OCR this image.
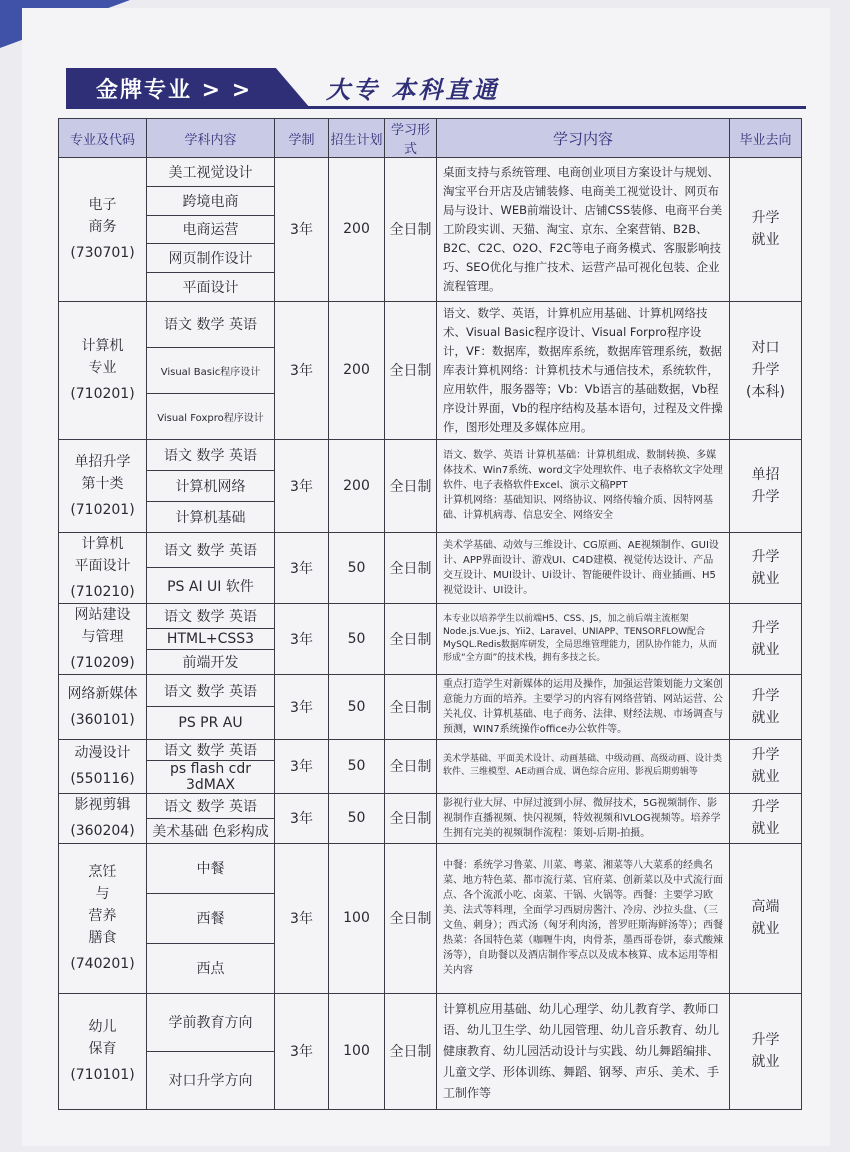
金牌专业 > >	大专 本科直通
专业及代码	学科内容	学制	招生计划	学习形式	学习内容	毕业去向

电子
商务
(730701)	美工视觉设计	3年	200	全日制	桌面支持与系统管理、电商创业项目方案设计与规划、淘宝平台开店及店铺装修、电商美工视觉设计、网页布局与设计、WEB前端设计、店铺CSS装修、电商平台美工阶段实训、天猫、淘宝、京东、全案营销、B2B、B2C、C2C、O2O、F2C等电子商务模式、客服影响技巧、SEO优化与推广技术、运营产品可视化包装、企业流程管理。	升学
就业

	跨境电商					
	电商运营					
	网页制作设计					
	平面设计					

计算机
专业
(710201)	语文 数学 英语	3年	200	全日制	语文、数学、英语，计算机应用基础、计算机网络技术、Visual Basic程序设计、Visual Forpro程序设计，VF：数据库，数据库系统，数据库管理系统，数据库表计算机网络：计算机技术与通信技术，系统软件，应用软件，服务器等；Vb：Vb语言的基础数据，Vb程序设计界面，Vb的程序结构及基本语句，过程及文件操作，图形处理及多媒体应用。	对口
升学
(本科)

	Visual Basic程序设计					
	Visual Foxpro程序设计					

单招升学
第十类
(710201)	语文 数学 英语	3年	200	全日制	语文、数学、英语 计算机基础：计算机组成、数制转换、多媒体技术、Win7系统、word文字处理软件、电子表格软文字处理软件、电子表格软件Excel、演示文稿PPT
计算机网络：基础知识、网络协议、网络传输介质、因特网基础、计算机病毒、信息安全、网络安全	单招
升学

	计算机网络					
	计算机基础					

计算机
平面设计
(710210)	语文 数学 英语	3年	50	全日制	美术学基础、动效与三维设计、CG原画、AE视频制作、GUI设计、APP界面设计、游戏UI、C4D建模、视觉传达设计、产品交互设计、MUI设计、Ui设计、智能硬件设计、商业插画、H5视觉设计、UI设计。	升学
就业

	PS AI UI 软件					

网站建设
与管理
(710209)	语文 数学 英语	3年	50	全日制	本专业以培养学生以前端H5、CSS、JS，加之前后端主流框架Node.js.Vue.js、Yii2、Laravel、UNIAPP、TENSORFLOW配合MySQL.Redis数据库研发，全局思维管理能力，团队协作能力，从而形成“全方面”的技术栈，拥有多技之长。	升学
就业

	HTML+CSS3					
	前端开发					

网络新媒体
(360101)	语文 数学 英语	3年	50	全日制	重点打造学生对新媒体的运用及操作，加强运营策划能力文案创意能力方面的培养。主要学习的内容有网络营销、网站运营、公关礼仪、计算机基础、电子商务、法律、财经法规、市场调查与预测，WIN7系统操作office办公软件等。	升学
就业

	PS PR AU					

动漫设计
(550116)	语文 数学 英语	3年	50	全日制	美术学基础、平面美术设计、动画基础、中级动画、高级动画、设计类软件、三维模型、AE动画合成、调色综合应用、影视后期剪辑等	升学
就业

	ps flash cdr 3dMAX					

影视剪辑
(360204)	语文 数学 英语	3年	50	全日制	影视行业大屏、中屏过渡到小屏、微屏技术，5G视频制作、影视制作直播视频、快闪视频，特效视频和VLOG视频等。培养学生拥有完美的视频制作流程：策划-后期-拍摄。	升学
就业

	美术基础 色彩构成					

烹饪
与
营养
膳食
(740201)	中餐	3年	100	全日制	中餐：系统学习鲁菜、川菜、粤菜、湘菜等八大菜系的经典名菜、地方特色菜、都市流行菜、官府菜、创新菜以及中式流行面点、各个流派小吃、卤菜、干锅、火锅等。西餐：主要学习欧美、法式等料理，全面学习西厨房酱汁、冷房、沙拉头盘、（三文鱼、刺身）；西式汤（匈牙利肉汤，普罗旺斯海鲜汤等）；西餐热菜：各国特色菜（咖喱牛肉，肉骨茶，墨西哥卷饼，泰式酸辣汤等），自助餐以及酒店制作零点以及成本核算、成本运用等相关内容	高端
就业

	西餐					
	西点					

幼儿
保育
(710101)	学前教育方向	3年	100	全日制	计算机应用基础、幼儿心理学、幼儿教育学、教师口语、幼儿卫生学、幼儿园管理、幼儿音乐教育、幼儿健康教育、幼儿园活动设计与实践、幼儿舞蹈编排、儿童文学、形体训练、舞蹈、钢琴、声乐、美术、手工制作等	升学
就业

	对口升学方向					
